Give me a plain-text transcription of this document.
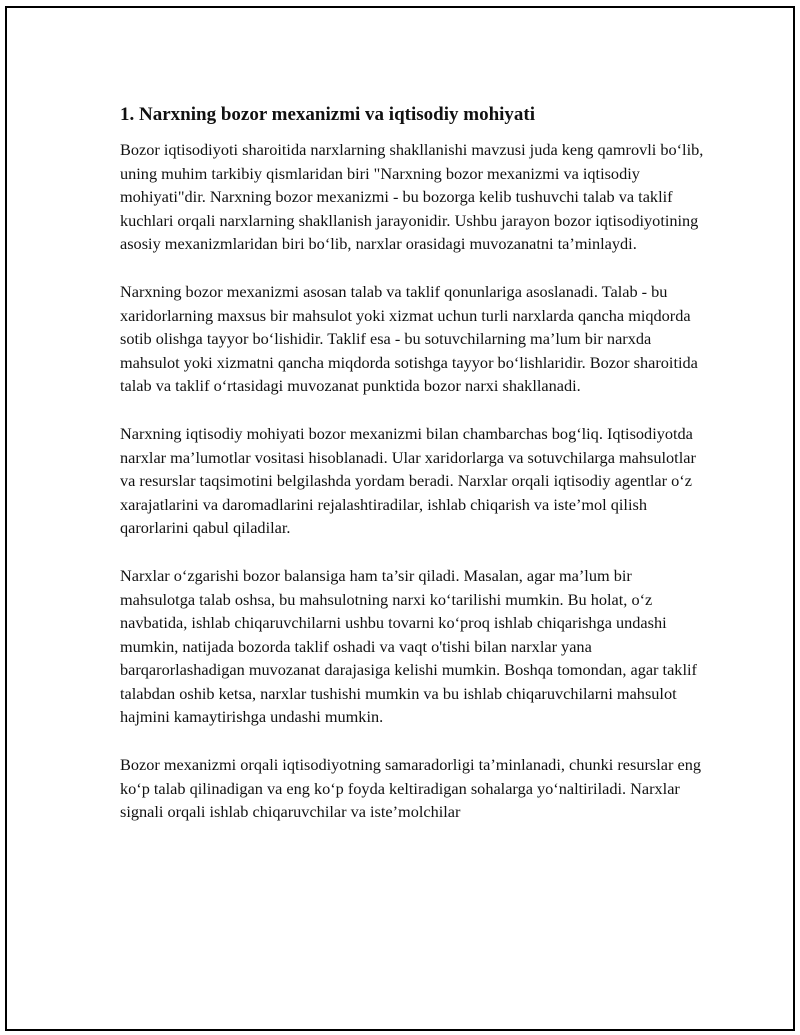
1. Narxning bozor mexanizmi va iqtisodiy mohiyati

Bozor iqtisodiyoti sharoitida narxlarning shakllanishi mavzusi juda keng qamrovli bo‘lib, uning muhim tarkibiy qismlaridan biri "Narxning bozor mexanizmi va iqtisodiy mohiyati"dir. Narxning bozor mexanizmi - bu bozorga kelib tushuvchi talab va taklif kuchlari orqali narxlarning shakllanish jarayonidir. Ushbu jarayon bozor iqtisodiyotining asosiy mexanizmlaridan biri bo‘lib, narxlar orasidagi muvozanatni ta’minlaydi.

Narxning bozor mexanizmi asosan talab va taklif qonunlariga asoslanadi. Talab - bu xaridorlarning maxsus bir mahsulot yoki xizmat uchun turli narxlarda qancha miqdorda sotib olishga tayyor bo‘lishidir. Taklif esa - bu sotuvchilarning ma’lum bir narxda mahsulot yoki xizmatni qancha miqdorda sotishga tayyor bo‘lishlaridir. Bozor sharoitida talab va taklif o‘rtasidagi muvozanat punktida bozor narxi shakllanadi.

Narxning iqtisodiy mohiyati bozor mexanizmi bilan chambarchas bog‘liq. Iqtisodiyotda narxlar ma’lumotlar vositasi hisoblanadi. Ular xaridorlarga va sotuvchilarga mahsulotlar va resurslar taqsimotini belgilashda yordam beradi. Narxlar orqali iqtisodiy agentlar o‘z xarajatlarini va daromadlarini rejalashtiradilar, ishlab chiqarish va iste’mol qilish qarorlarini qabul qiladilar.

Narxlar o‘zgarishi bozor balansiga ham ta’sir qiladi. Masalan, agar ma’lum bir mahsulotga talab oshsa, bu mahsulotning narxi ko‘tarilishi mumkin. Bu holat, o‘z navbatida, ishlab chiqaruvchilarni ushbu tovarni ko‘proq ishlab chiqarishga undashi mumkin, natijada bozorda taklif oshadi va vaqt o'tishi bilan narxlar yana barqarorlashadigan muvozanat darajasiga kelishi mumkin. Boshqa tomondan, agar taklif talabdan oshib ketsa, narxlar tushishi mumkin va bu ishlab chiqaruvchilarni mahsulot hajmini kamaytirishga undashi mumkin.

Bozor mexanizmi orqali iqtisodiyotning samaradorligi ta’minlanadi, chunki resurslar eng ko‘p talab qilinadigan va eng ko‘p foyda keltiradigan sohalarga yo‘naltiriladi. Narxlar signali orqali ishlab chiqaruvchilar va iste’molchilar
